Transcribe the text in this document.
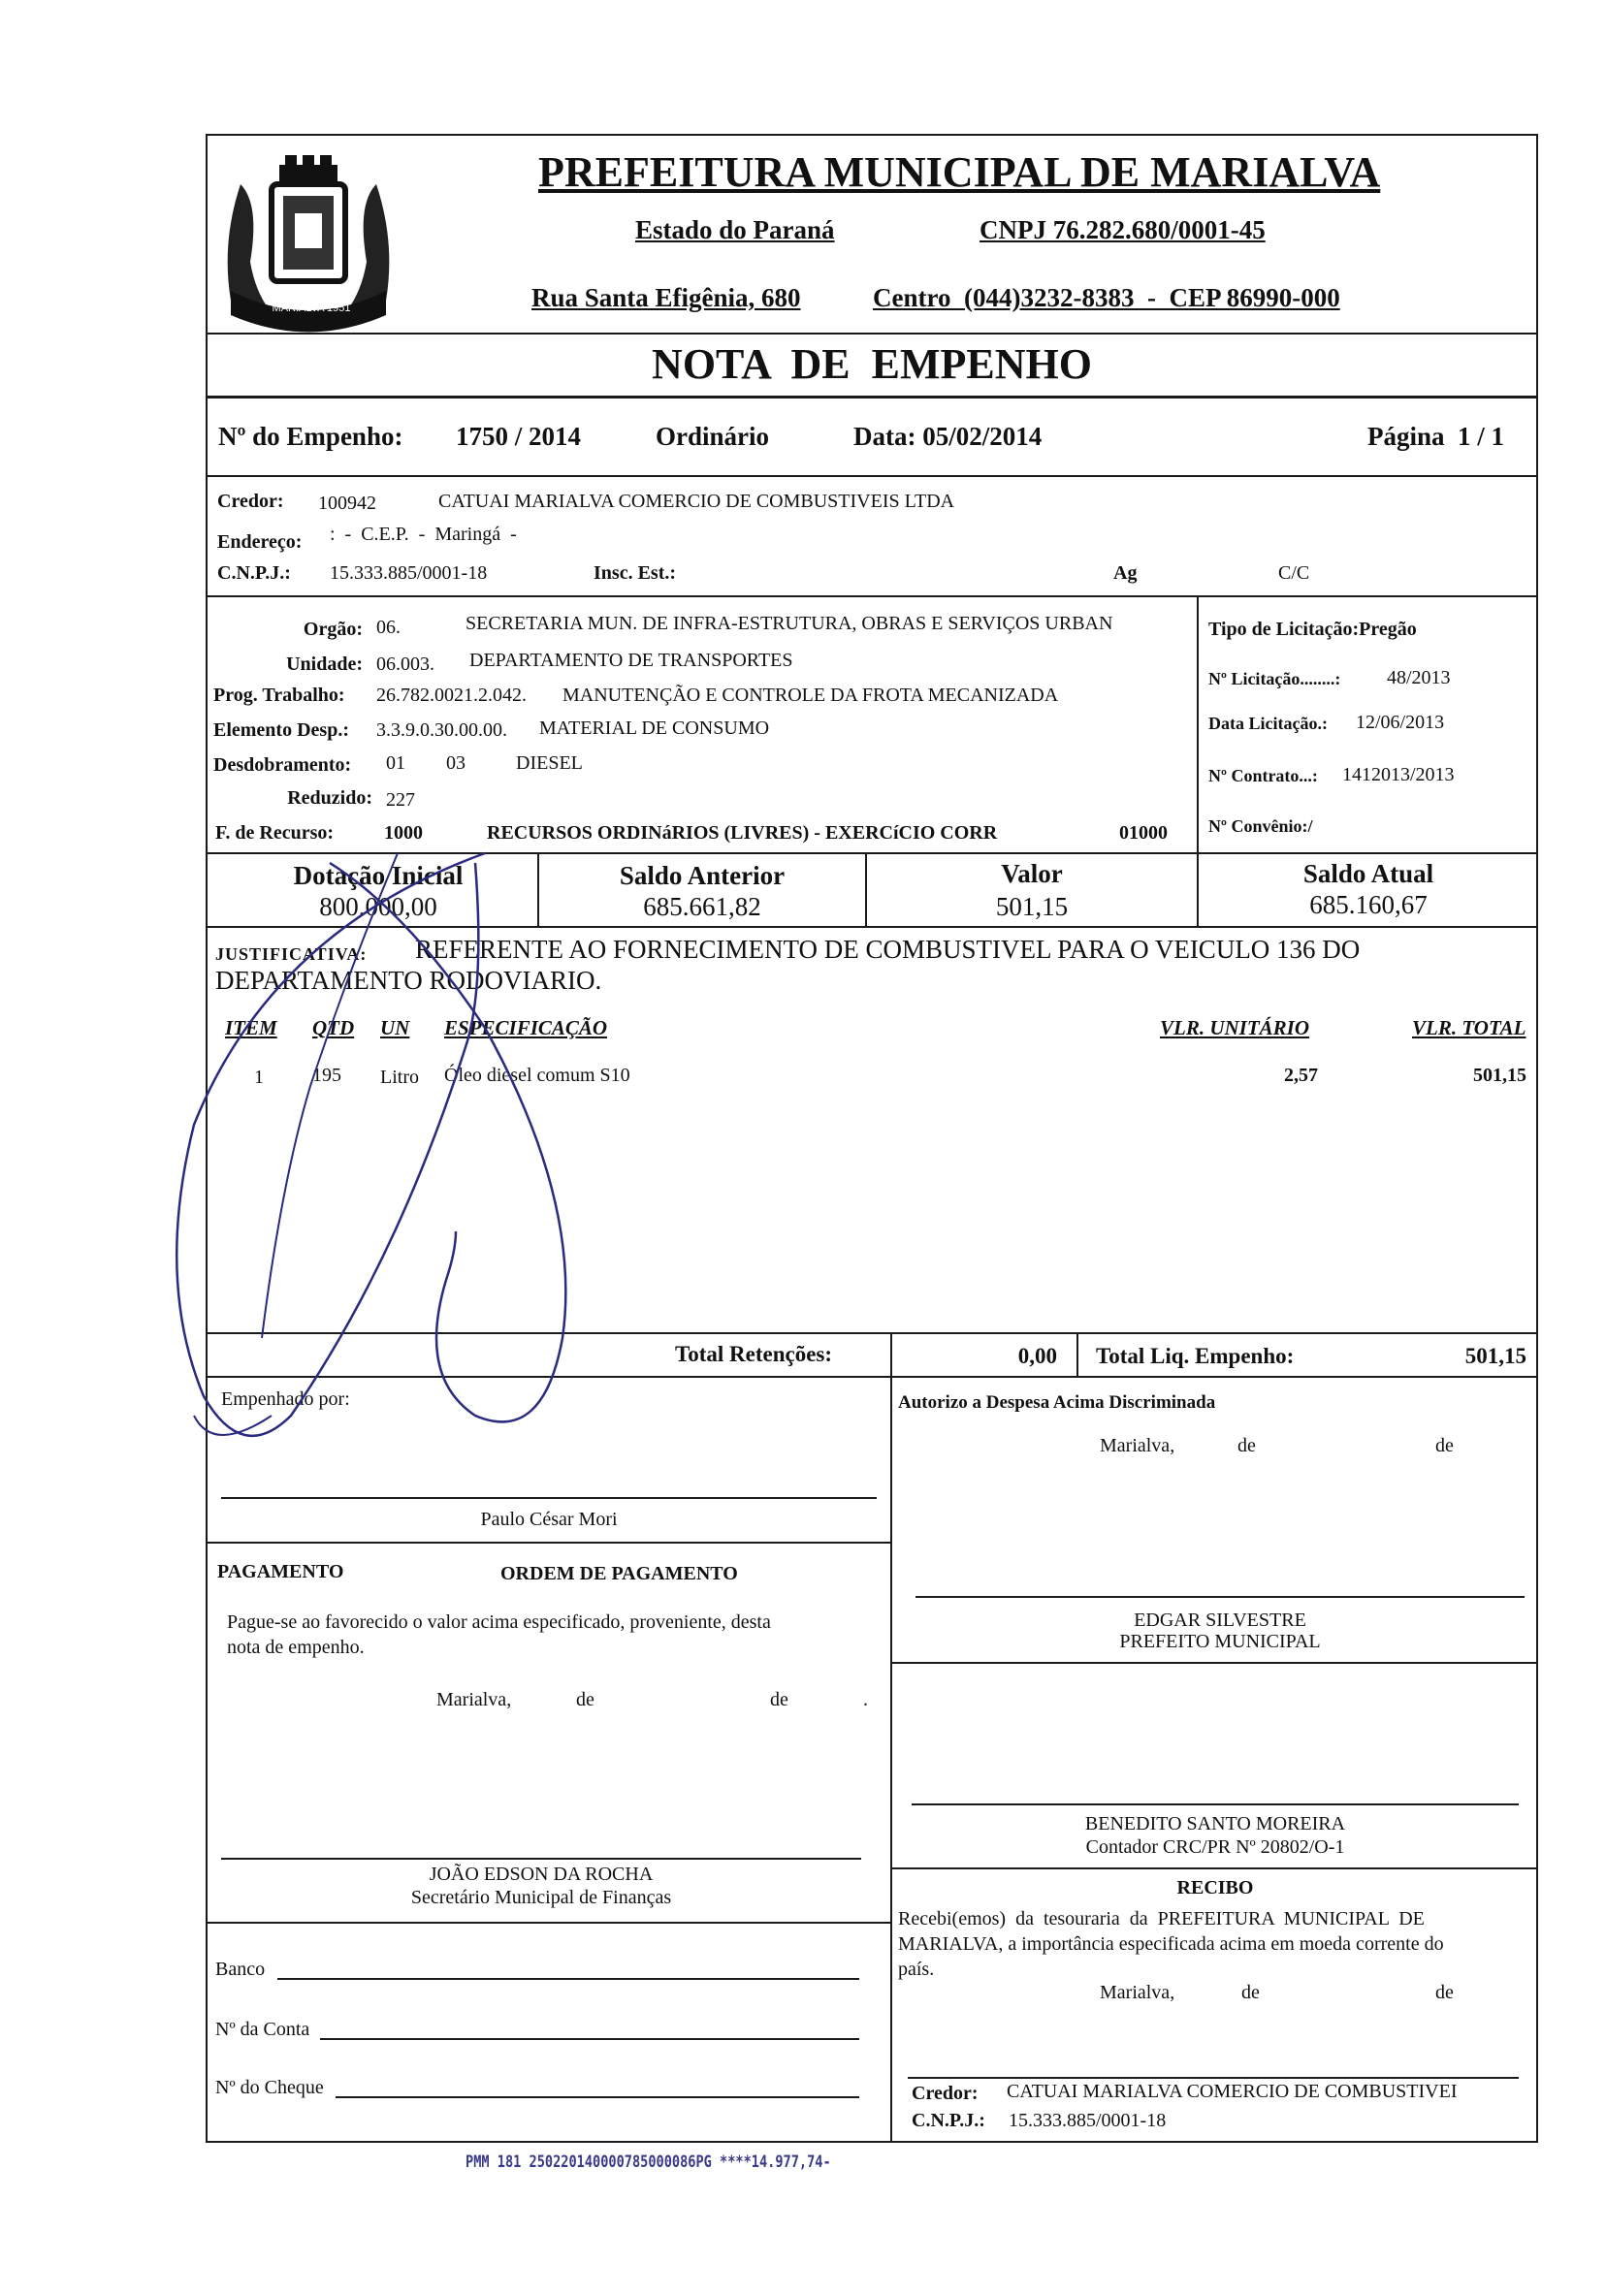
MARIALVA 1951
PREFEITURA MUNICIPAL DE MARIALVA
Estado do Paraná	CNPJ 76.282.680/0001-45
Rua Santa Efigênia, 680	Centro  (044)3232-8383  -  CEP 86990-000
NOTA  DE  EMPENHO
Nº do Empenho: 1750 / 2014	Ordinário	Data: 05/02/2014	Página  1 / 1
Credor: 100942	CATUAI MARIALVA COMERCIO DE COMBUSTIVEIS LTDA
Endereço: :  -  C.E.P.  -  Maringá  -
C.N.P.J.: 15.333.885/0001-18	Insc. Est.:	Ag	C/C
Orgão: 06.	SECRETARIA MUN. DE INFRA-ESTRUTURA, OBRAS E SERVIÇOS URBAN
Unidade: 06.003. DEPARTAMENTO DE TRANSPORTES
Prog. Trabalho: 26.782.0021.2.042. MANUTENÇÃO E CONTROLE DA FROTA MECANIZADA
Elemento Desp.: 3.3.9.0.30.00.00. MATERIAL DE CONSUMO
Desdobramento: 01 03	DIESEL
Reduzido: 227
F. de Recurso:	1000	RECURSOS ORDINáRIOS (LIVRES) - EXERCíCIO CORR	01000
Tipo de Licitação:Pregão
Nº Licitação........: 48/2013
Data Licitação.: 12/06/2013
Nº Contrato...: 1412013/2013
Nº Convênio:/
Dotação Inicial
800.000,00
Saldo Anterior
685.661,82
Valor
501,15
Saldo Atual
685.160,67
JUSTIFICATIVA: REFERENTE AO FORNECIMENTO DE COMBUSTIVEL PARA O VEICULO 136 DO
DEPARTAMENTO RODOVIARIO.
ITEM QTD UN ESPECIFICAÇÃO	VLR. UNITÁRIO	VLR. TOTAL
1	195 Litro Óleo diesel comum S10	2,57	501,15
Total Retenções:	0,00 Total Liq. Empenho:	501,15
Empenhado por:
Paulo César Mori
PAGAMENTO	ORDEM DE PAGAMENTO
Pague-se ao favorecido o valor acima especificado, proveniente, desta
nota de empenho.
Marialva,	de	de	.
JOÃO EDSON DA ROCHA
Secretário Municipal de Finanças
Banco
Nº da Conta
Nº do Cheque
Autorizo a Despesa Acima Discriminada
Marialva,	de	de
EDGAR SILVESTRE
PREFEITO MUNICIPAL
BENEDITO SANTO MOREIRA
Contador CRC/PR Nº 20802/O-1
RECIBO
Recebi(emos)  da  tesouraria  da  PREFEITURA  MUNICIPAL  DE
MARIALVA, a importância especificada acima em moeda corrente do
país.
Marialva,	de	de
Credor: CATUAI MARIALVA COMERCIO DE COMBUSTIVEI
C.N.P.J.: 15.333.885/0001-18
PMM 181 250220140000785000086PG ****14.977,74-
